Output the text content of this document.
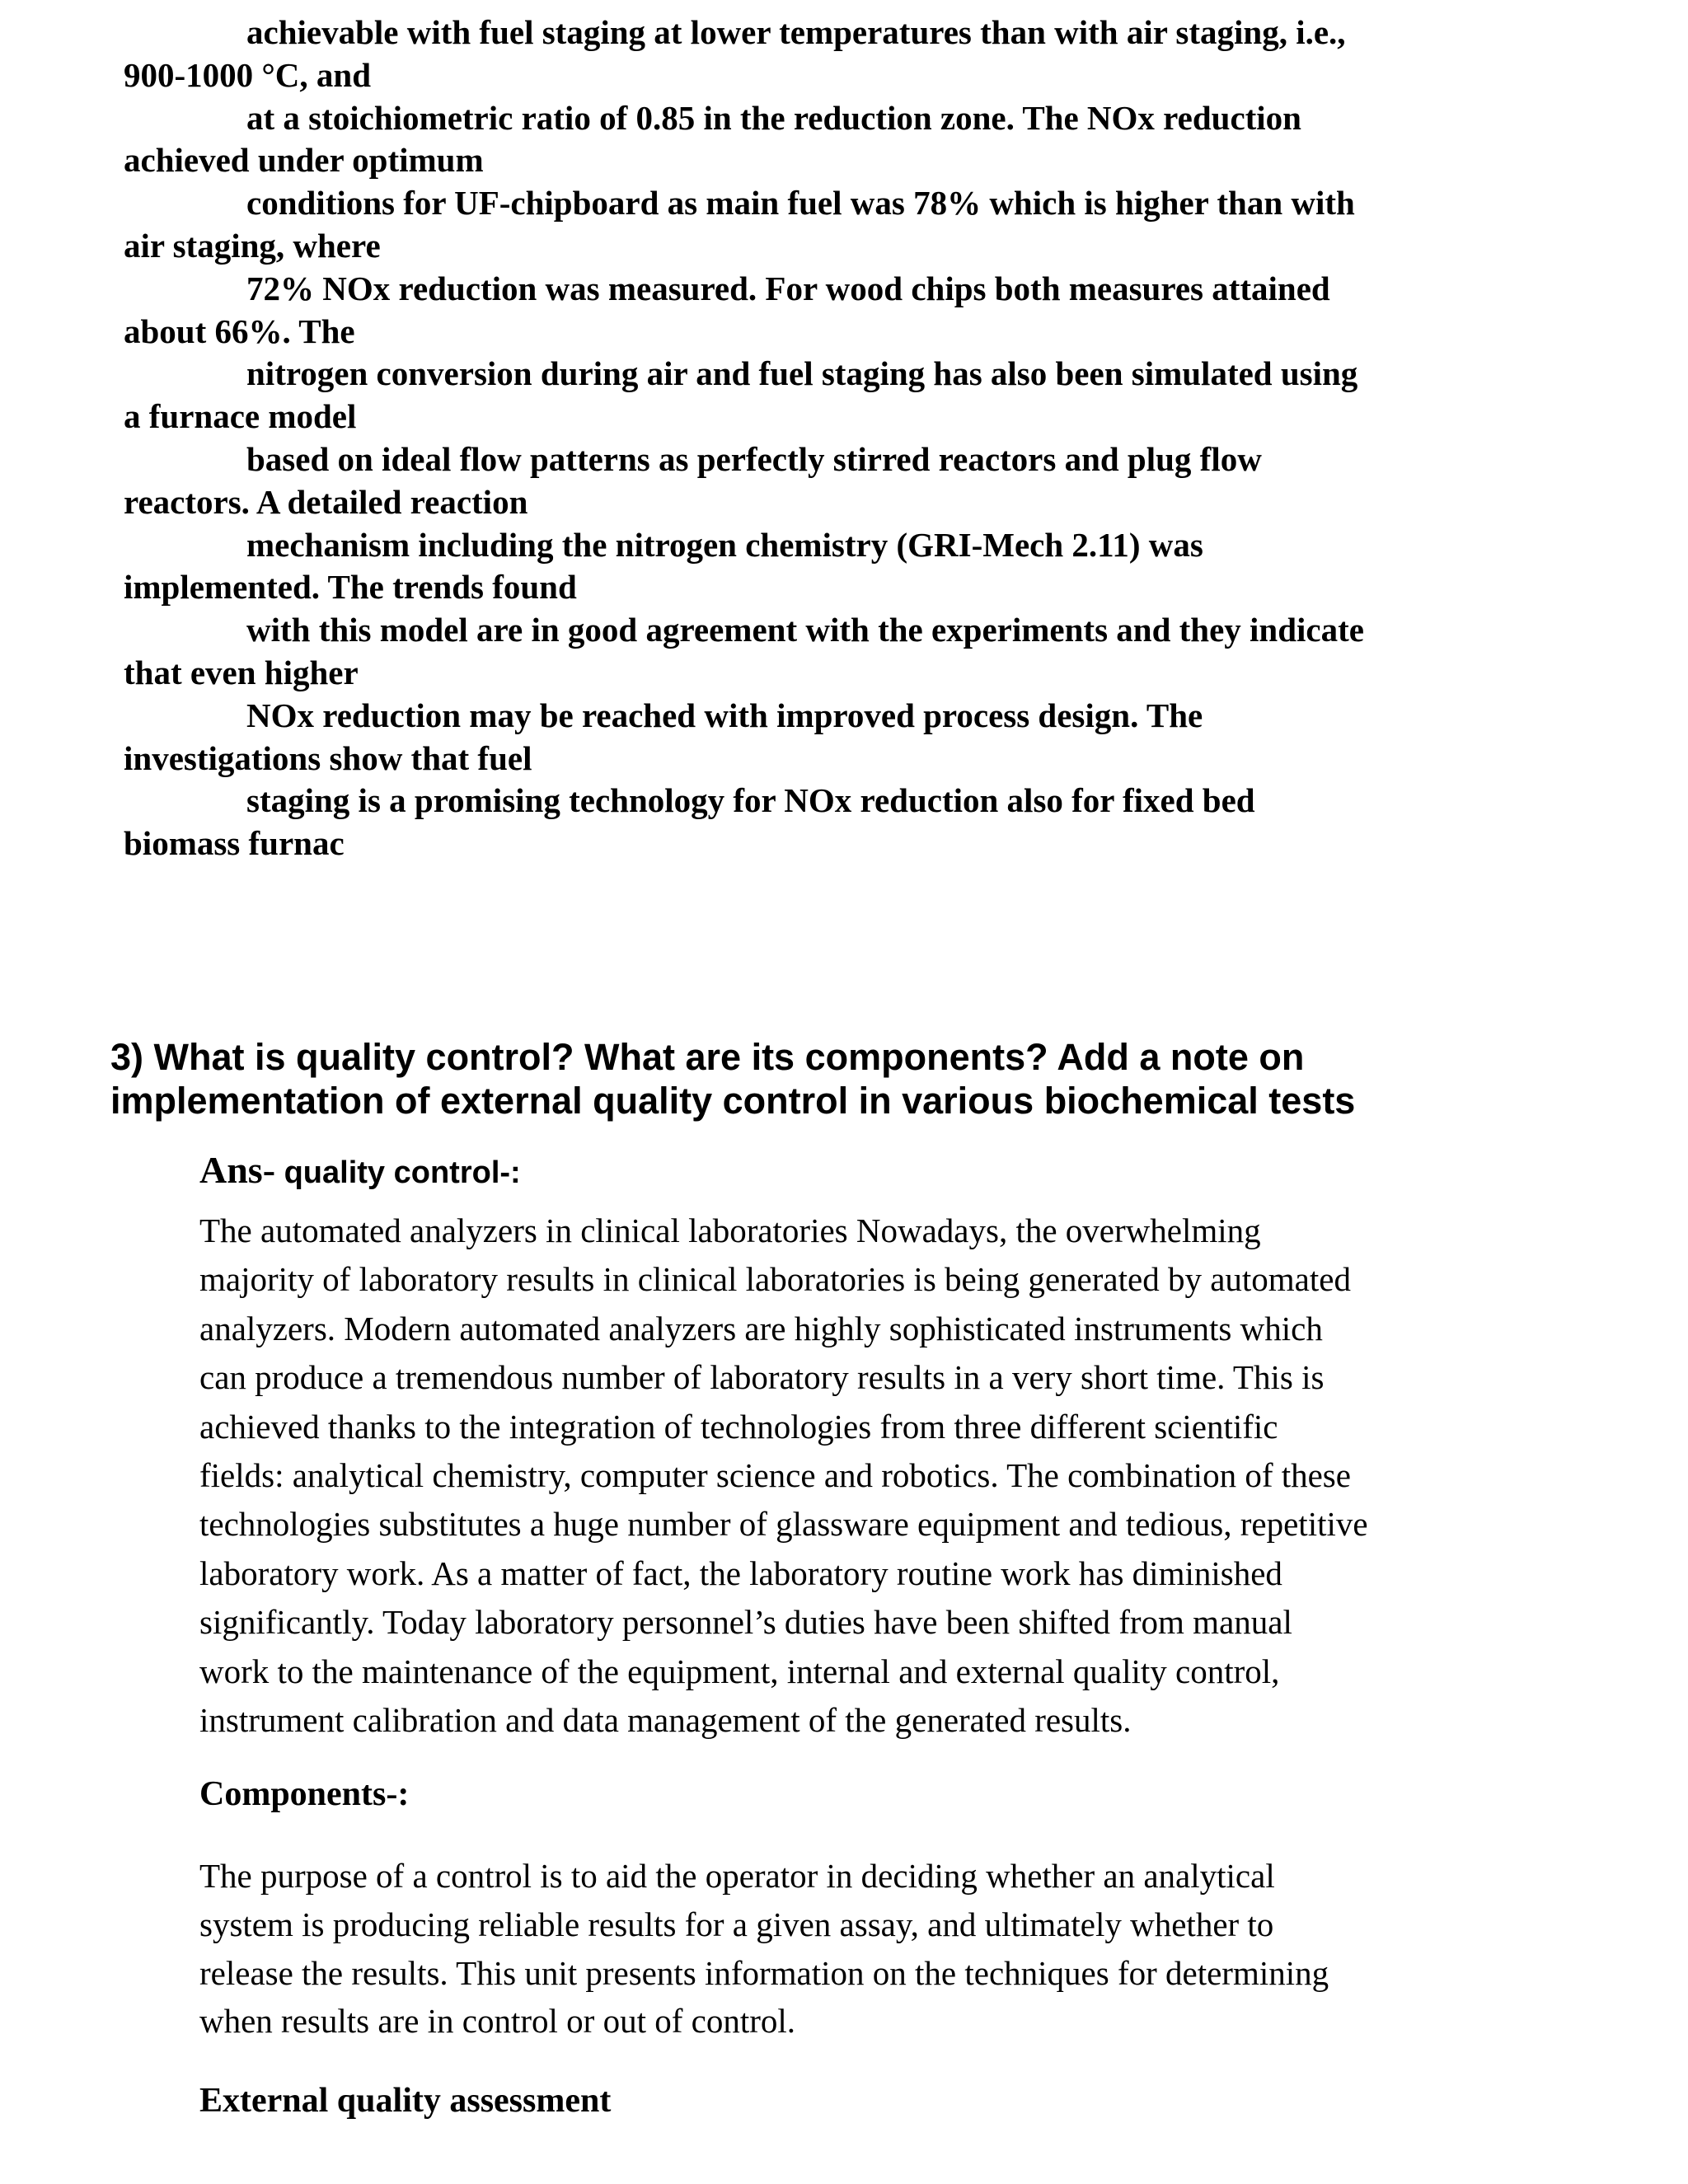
achievable with fuel staging at lower temperatures than with air staging, i.e.,
900-1000 °C, and
at a stoichiometric ratio of 0.85 in the reduction zone. The NOx reduction
achieved under optimum
conditions for UF-chipboard as main fuel was 78% which is higher than with
air staging, where
72% NOx reduction was measured. For wood chips both measures attained
about 66%. The
nitrogen conversion during air and fuel staging has also been simulated using
a furnace model
based on ideal flow patterns as perfectly stirred reactors and plug flow
reactors. A detailed reaction
mechanism including the nitrogen chemistry (GRI-Mech 2.11) was
implemented. The trends found
with this model are in good agreement with the experiments and they indicate
that even higher
NOx reduction may be reached with improved process design. The
investigations show that fuel
staging is a promising technology for NOx reduction also for fixed bed
biomass furnac
3) What is quality control? What are its components? Add a note on
implementation of external quality control in various biochemical tests
Ans- quality control-:
The automated analyzers in clinical laboratories Nowadays, the overwhelming
majority of laboratory results in clinical laboratories is being generated by automated
analyzers. Modern automated analyzers are highly sophisticated instruments which
can produce a tremendous number of laboratory results in a very short time. This is
achieved thanks to the integration of technologies from three different scientific
fields: analytical chemistry, computer science and robotics. The combination of these
technologies substitutes a huge number of glassware equipment and tedious, repetitive
laboratory work. As a matter of fact, the laboratory routine work has diminished
significantly. Today laboratory personnel’s duties have been shifted from manual
work to the maintenance of the equipment, internal and external quality control,
instrument calibration and data management of the generated results.
Components-:
The purpose of a control is to aid the operator in deciding whether an analytical
system is producing reliable results for a given assay, and ultimately whether to
release the results. This unit presents information on the techniques for determining
when results are in control or out of control.
External quality assessment
